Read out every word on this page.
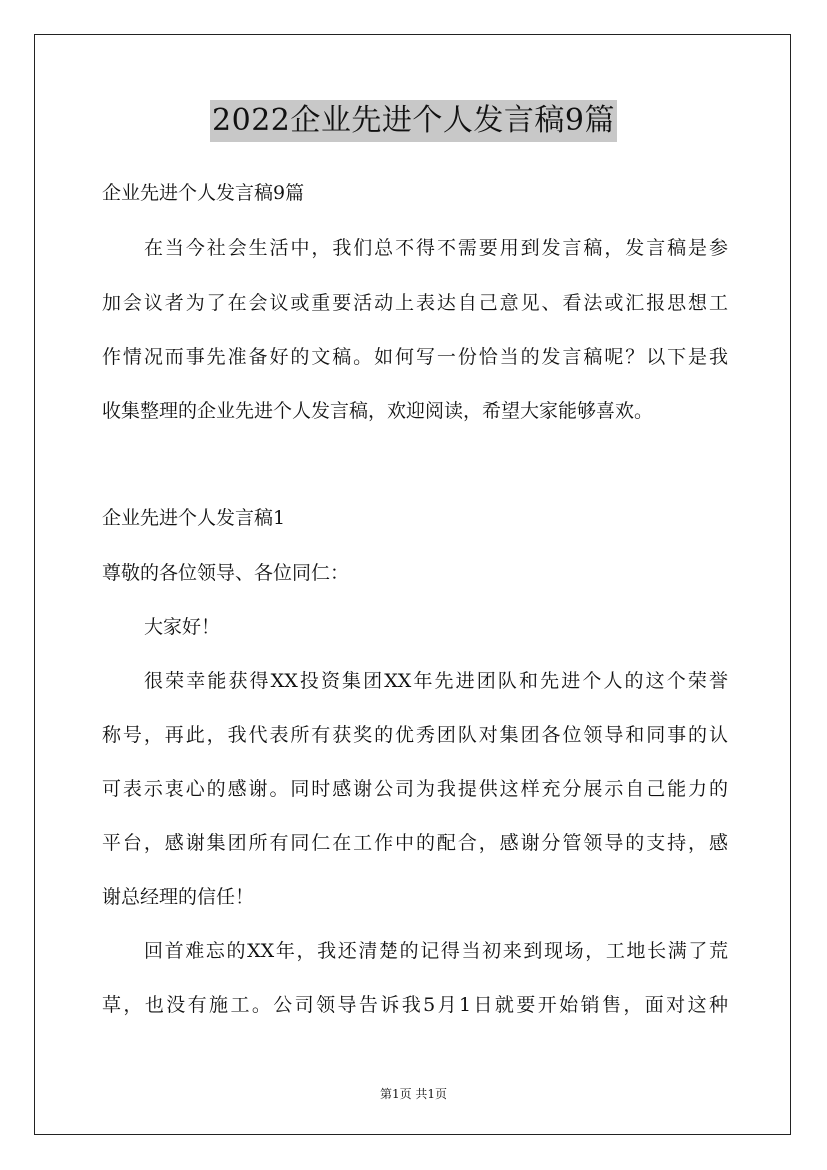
2022企业先进个人发言稿9篇
企业先进个人发言稿9篇
在当今社会生活中，我们总不得不需要用到发言稿，发言稿是参
加会议者为了在会议或重要活动上表达自己意见、看法或汇报思想工
作情况而事先准备好的文稿。如何写一份恰当的发言稿呢？以下是我
收集整理的企业先进个人发言稿，欢迎阅读，希望大家能够喜欢。
企业先进个人发言稿1
尊敬的各位领导、各位同仁：
大家好！
很荣幸能获得XX投资集团XX年先进团队和先进个人的这个荣誉
称号，再此，我代表所有获奖的优秀团队对集团各位领导和同事的认
可表示衷心的感谢。同时感谢公司为我提供这样充分展示自己能力的
平台，感谢集团所有同仁在工作中的配合，感谢分管领导的支持，感
谢总经理的信任！
回首难忘的XX年，我还清楚的记得当初来到现场，工地长满了荒
草，也没有施工。公司领导告诉我5月1日就要开始销售，面对这种
第1页 共1页
